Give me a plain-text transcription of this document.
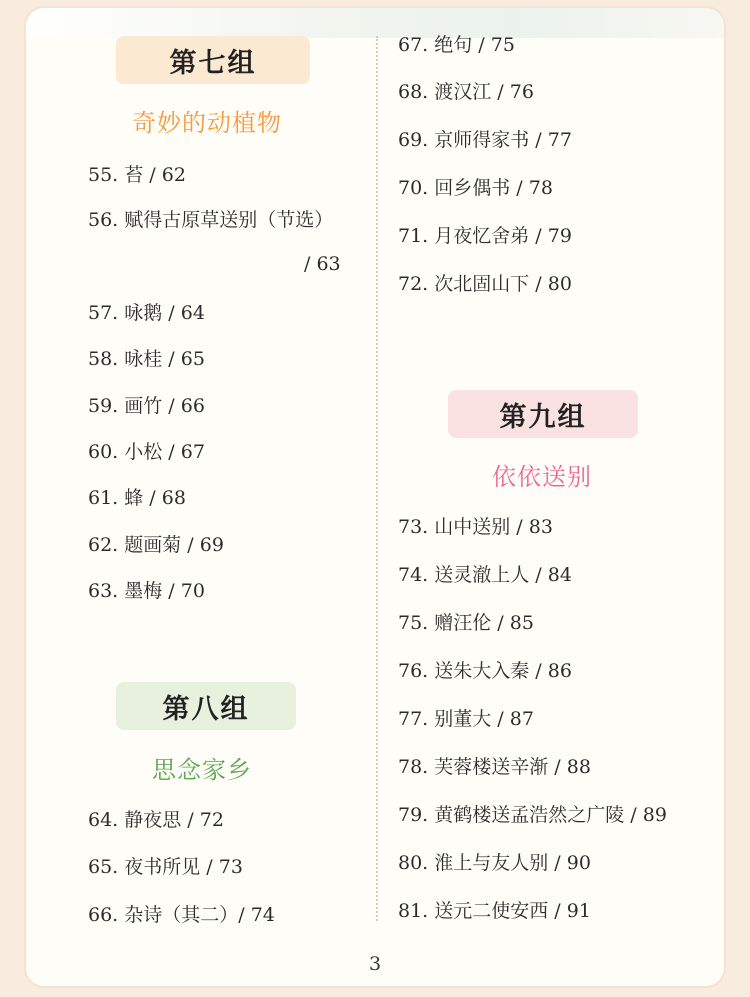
第七组
奇妙的动植物
55. 苔 / 62
56. 赋得古原草送别（节选）
/ 63
57. 咏鹅 / 64
58. 咏桂 / 65
59. 画竹 / 66
60. 小松 / 67
61. 蜂 / 68
62. 题画菊 / 69
63. 墨梅 / 70
第八组
思念家乡
64. 静夜思 / 72
65. 夜书所见 / 73
66. 杂诗（其二）/ 74
67. 绝句 / 75
68. 渡汉江 / 76
69. 京师得家书 / 77
70. 回乡偶书 / 78
71. 月夜忆舍弟 / 79
72. 次北固山下 / 80
第九组
依依送别
73. 山中送别 / 83
74. 送灵澈上人 / 84
75. 赠汪伦 / 85
76. 送朱大入秦 / 86
77. 别董大 / 87
78. 芙蓉楼送辛渐 / 88
79. 黄鹤楼送孟浩然之广陵 / 89
80. 淮上与友人别 / 90
81. 送元二使安西 / 91
3
